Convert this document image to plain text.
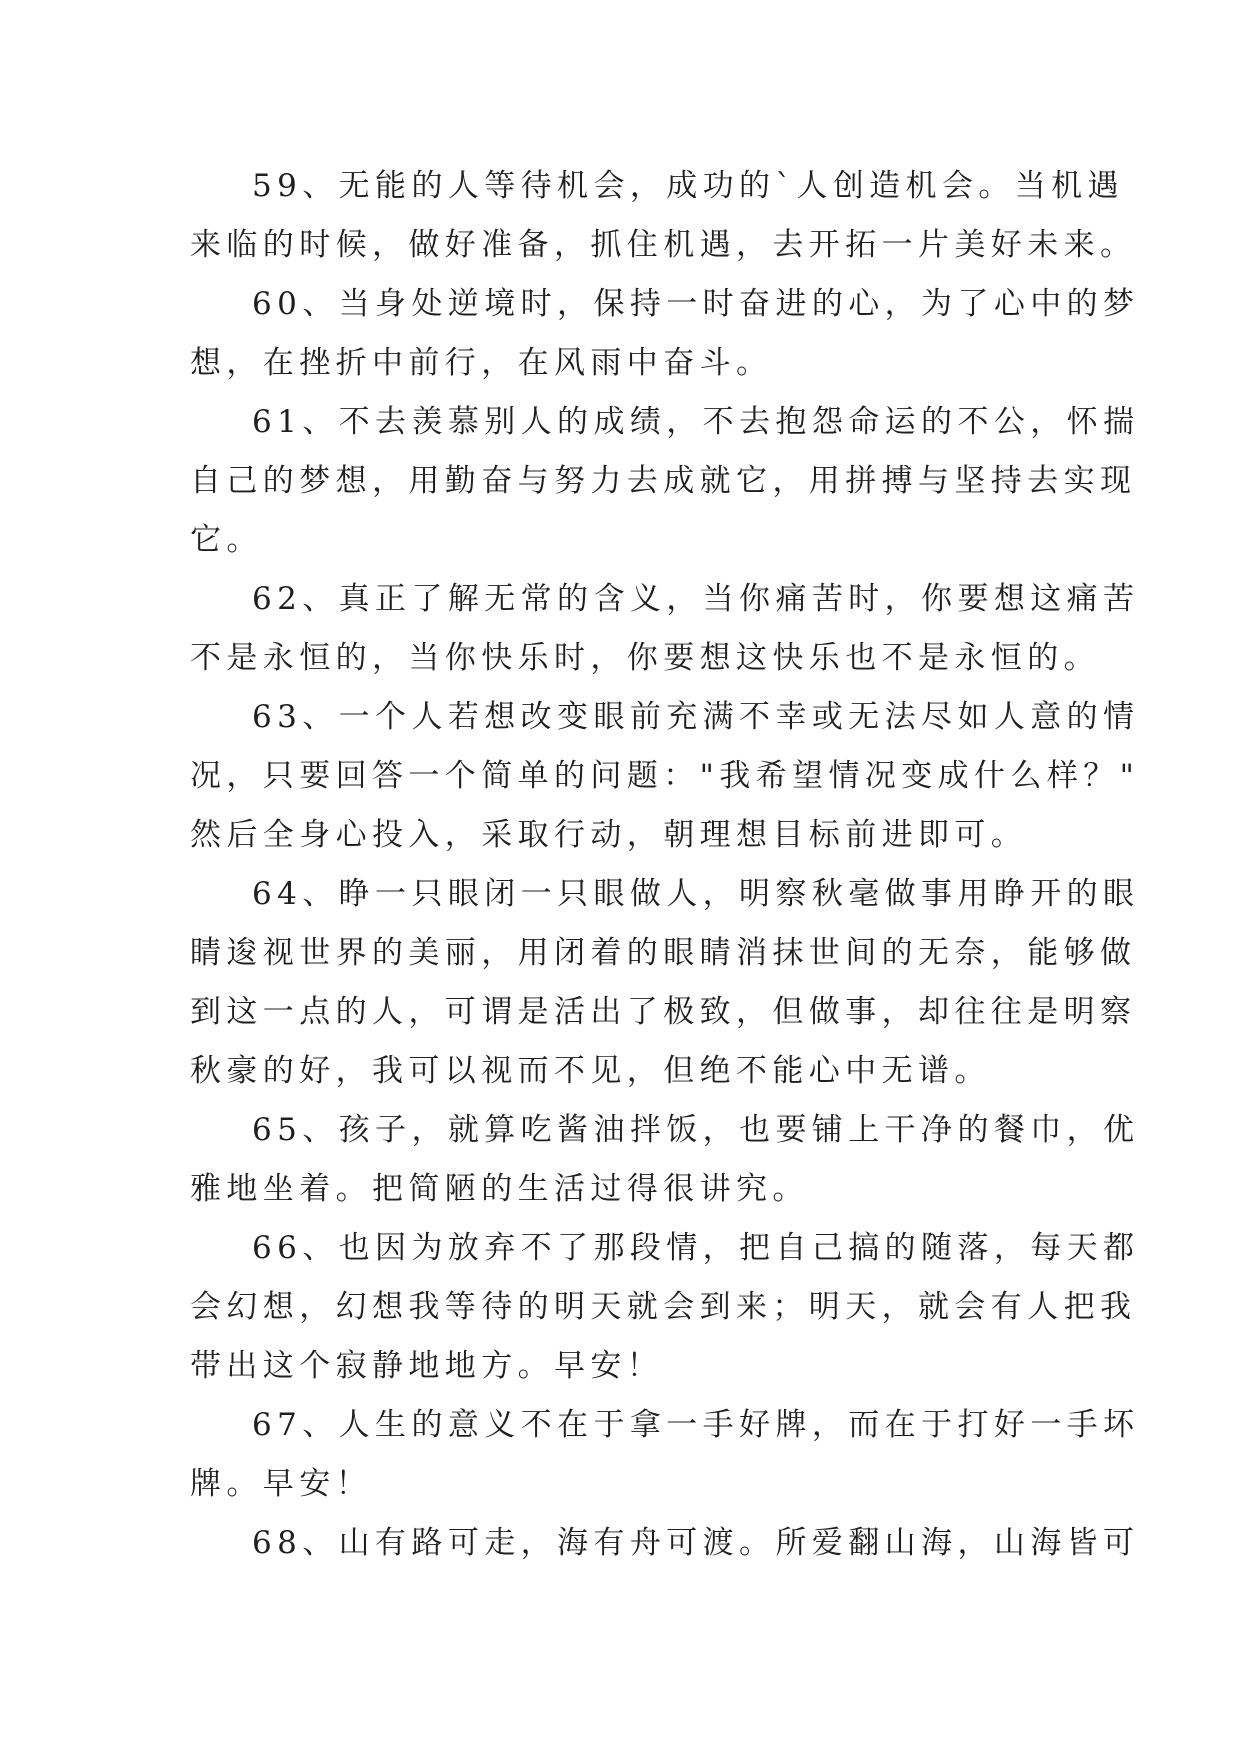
59、无能的人等待机会，成功的`人创造机会。当机遇
来临的时候，做好准备，抓住机遇，去开拓一片美好未来。

60、当身处逆境时，保持一时奋进的心，为了心中的梦
想，在挫折中前行，在风雨中奋斗。

61、不去羡慕别人的成绩，不去抱怨命运的不公，怀揣
自己的梦想，用勤奋与努力去成就它，用拼搏与坚持去实现
它。

62、真正了解无常的含义，当你痛苦时，你要想这痛苦
不是永恒的，当你快乐时，你要想这快乐也不是永恒的。

63、一个人若想改变眼前充满不幸或无法尽如人意的情
况，只要回答一个简单的问题："我希望情况变成什么样？"
然后全身心投入，采取行动，朝理想目标前进即可。

64、睁一只眼闭一只眼做人，明察秋毫做事用睁开的眼
睛逡视世界的美丽，用闭着的眼睛消抹世间的无奈，能够做
到这一点的人，可谓是活出了极致，但做事，却往往是明察
秋豪的好，我可以视而不见，但绝不能心中无谱。

65、孩子，就算吃酱油拌饭，也要铺上干净的餐巾，优
雅地坐着。把简陋的生活过得很讲究。

66、也因为放弃不了那段情，把自己搞的随落，每天都
会幻想，幻想我等待的明天就会到来；明天，就会有人把我
带出这个寂静地地方。早安！

67、人生的意义不在于拿一手好牌，而在于打好一手坏
牌。早安！

68、山有路可走，海有舟可渡。所爱翻山海，山海皆可
